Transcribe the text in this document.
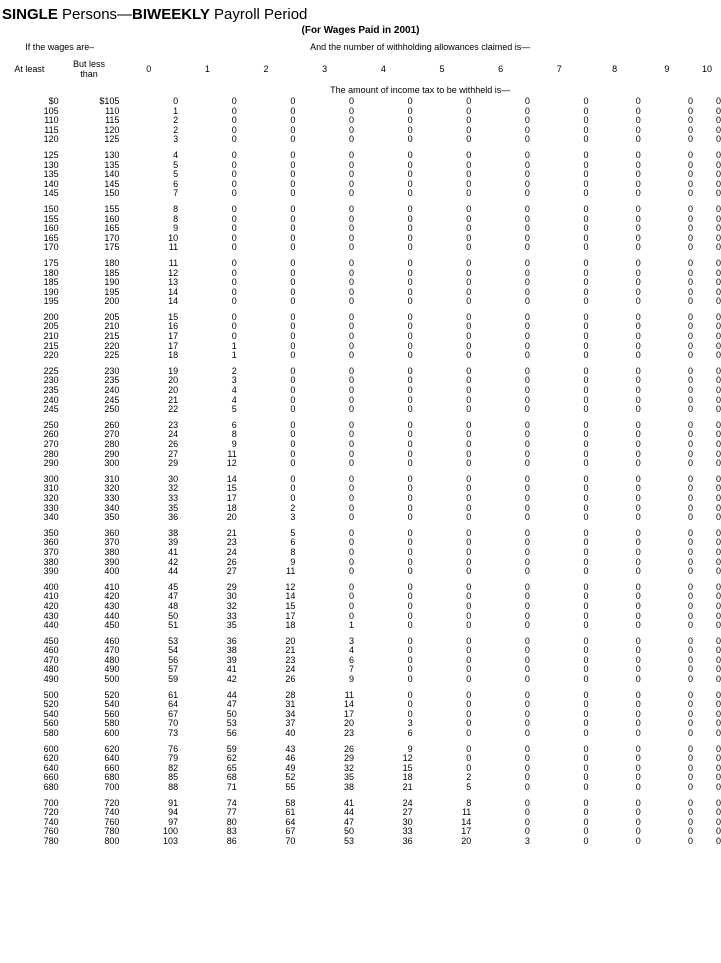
SINGLE Persons—BIWEEKLY Payroll Period
(For Wages Paid in 2001)
If the wages are–		And the number of withholding allowances claimed is—										
At least	But less
than	0	1	2	3	4	5	6	7	8	9	10
		The amount of income tax to be withheld is—										
$0	$105	0	0	0	0	0	0	0	0	0	0	0
105	110	1	0	0	0	0	0	0	0	0	0	0
110	115	2	0	0	0	0	0	0	0	0	0	0
115	120	2	0	0	0	0	0	0	0	0	0	0
120	125	3	0	0	0	0	0	0	0	0	0	0

125	130	4	0	0	0	0	0	0	0	0	0	0
130	135	5	0	0	0	0	0	0	0	0	0	0
135	140	5	0	0	0	0	0	0	0	0	0	0
140	145	6	0	0	0	0	0	0	0	0	0	0
145	150	7	0	0	0	0	0	0	0	0	0	0

150	155	8	0	0	0	0	0	0	0	0	0	0
155	160	8	0	0	0	0	0	0	0	0	0	0
160	165	9	0	0	0	0	0	0	0	0	0	0
165	170	10	0	0	0	0	0	0	0	0	0	0
170	175	11	0	0	0	0	0	0	0	0	0	0

175	180	11	0	0	0	0	0	0	0	0	0	0
180	185	12	0	0	0	0	0	0	0	0	0	0
185	190	13	0	0	0	0	0	0	0	0	0	0
190	195	14	0	0	0	0	0	0	0	0	0	0
195	200	14	0	0	0	0	0	0	0	0	0	0

200	205	15	0	0	0	0	0	0	0	0	0	0
205	210	16	0	0	0	0	0	0	0	0	0	0
210	215	17	0	0	0	0	0	0	0	0	0	0
215	220	17	1	0	0	0	0	0	0	0	0	0
220	225	18	1	0	0	0	0	0	0	0	0	0

225	230	19	2	0	0	0	0	0	0	0	0	0
230	235	20	3	0	0	0	0	0	0	0	0	0
235	240	20	4	0	0	0	0	0	0	0	0	0
240	245	21	4	0	0	0	0	0	0	0	0	0
245	250	22	5	0	0	0	0	0	0	0	0	0

250	260	23	6	0	0	0	0	0	0	0	0	0
260	270	24	8	0	0	0	0	0	0	0	0	0
270	280	26	9	0	0	0	0	0	0	0	0	0
280	290	27	11	0	0	0	0	0	0	0	0	0
290	300	29	12	0	0	0	0	0	0	0	0	0

300	310	30	14	0	0	0	0	0	0	0	0	0
310	320	32	15	0	0	0	0	0	0	0	0	0
320	330	33	17	0	0	0	0	0	0	0	0	0
330	340	35	18	2	0	0	0	0	0	0	0	0
340	350	36	20	3	0	0	0	0	0	0	0	0

350	360	38	21	5	0	0	0	0	0	0	0	0
360	370	39	23	6	0	0	0	0	0	0	0	0
370	380	41	24	8	0	0	0	0	0	0	0	0
380	390	42	26	9	0	0	0	0	0	0	0	0
390	400	44	27	11	0	0	0	0	0	0	0	0

400	410	45	29	12	0	0	0	0	0	0	0	0
410	420	47	30	14	0	0	0	0	0	0	0	0
420	430	48	32	15	0	0	0	0	0	0	0	0
430	440	50	33	17	0	0	0	0	0	0	0	0
440	450	51	35	18	1	0	0	0	0	0	0	0

450	460	53	36	20	3	0	0	0	0	0	0	0
460	470	54	38	21	4	0	0	0	0	0	0	0
470	480	56	39	23	6	0	0	0	0	0	0	0
480	490	57	41	24	7	0	0	0	0	0	0	0
490	500	59	42	26	9	0	0	0	0	0	0	0

500	520	61	44	28	11	0	0	0	0	0	0	0
520	540	64	47	31	14	0	0	0	0	0	0	0
540	560	67	50	34	17	0	0	0	0	0	0	0
560	580	70	53	37	20	3	0	0	0	0	0	0
580	600	73	56	40	23	6	0	0	0	0	0	0

600	620	76	59	43	26	9	0	0	0	0	0	0
620	640	79	62	46	29	12	0	0	0	0	0	0
640	660	82	65	49	32	15	0	0	0	0	0	0
660	680	85	68	52	35	18	2	0	0	0	0	0
680	700	88	71	55	38	21	5	0	0	0	0	0

700	720	91	74	58	41	24	8	0	0	0	0	0
720	740	94	77	61	44	27	11	0	0	0	0	0
740	760	97	80	64	47	30	14	0	0	0	0	0
760	780	100	83	67	50	33	17	0	0	0	0	0
780	800	103	86	70	53	36	20	3	0	0	0	0
